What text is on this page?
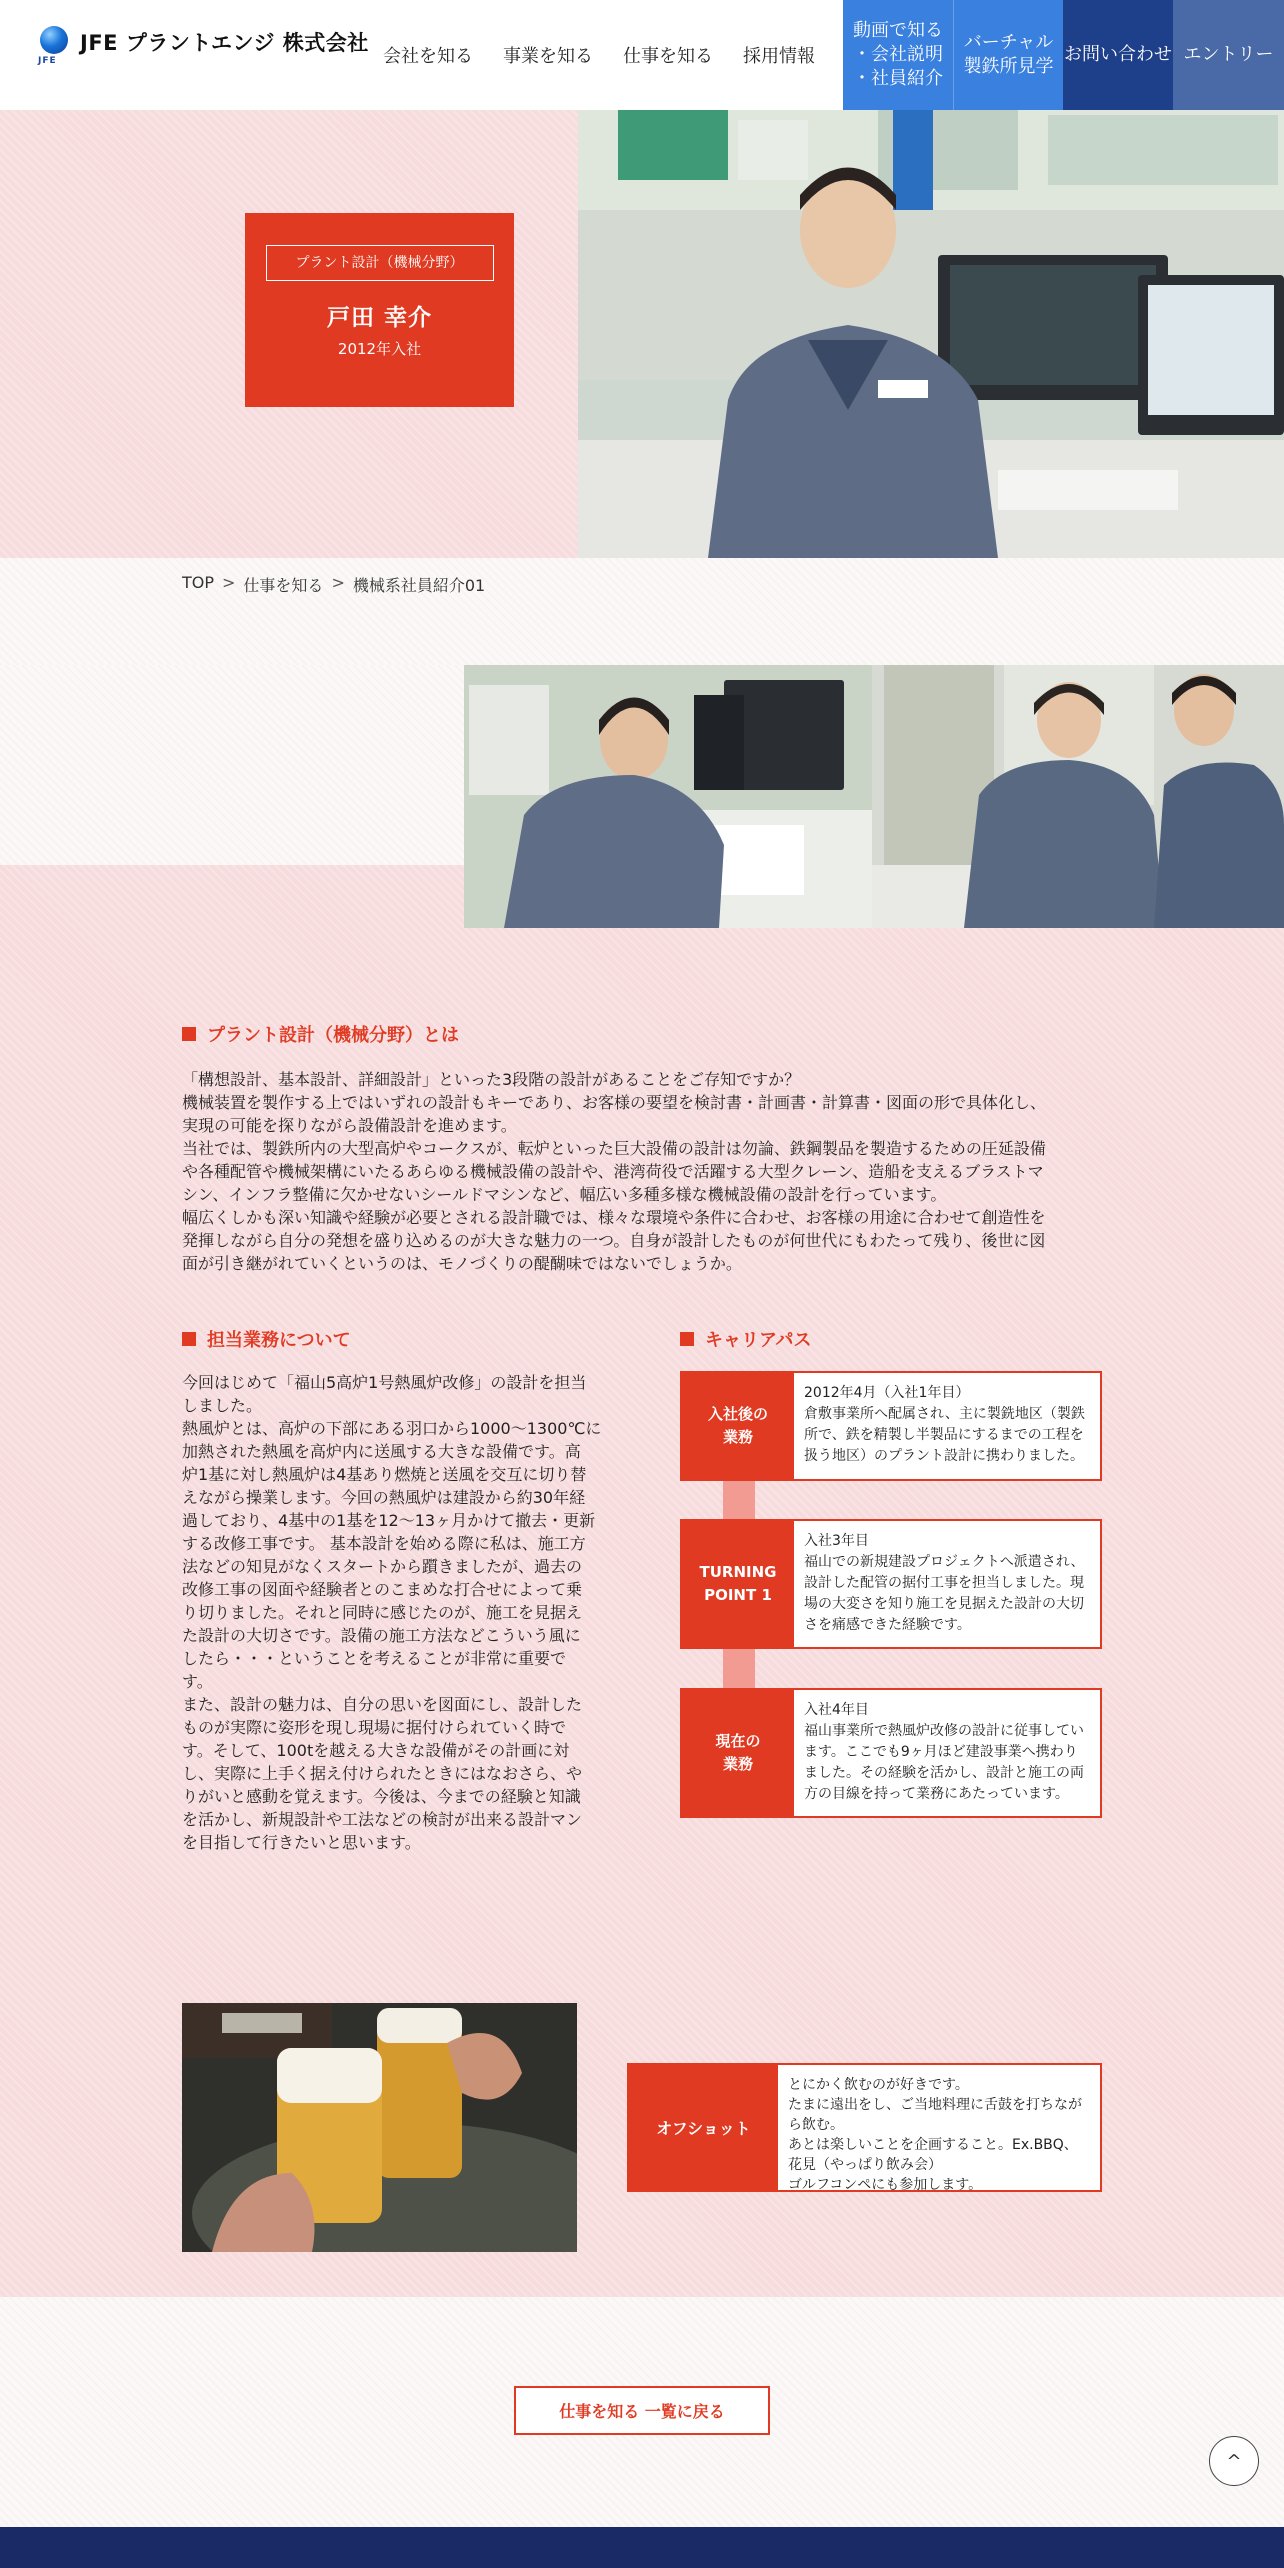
JFE
JFE プラントエンジ 株式会社
会社を知る 事業を知る 仕事を知る 採用情報
動画で知る
・会社説明
・社員紹介
バーチャル
製鉄所見学
お問い合わせ エントリー
プラント設計（機械分野）
戸田 幸介
2012年入社
TOP > 仕事を知る > 機械系社員紹介01
プラント設計（機械分野）とは
「構想設計、基本設計、詳細設計」といった3段階の設計があることをご存知ですか？
機械装置を製作する上ではいずれの設計もキーであり、お客様の要望を検討書・計画書・計算書・図面の形で具体化し、
実現の可能を探りながら設備設計を進めます。
当社では、製鉄所内の大型高炉やコークスが、転炉といった巨大設備の設計は勿論、鉄鋼製品を製造するための圧延設備
や各種配管や機械架構にいたるあらゆる機械設備の設計や、港湾荷役で活躍する大型クレーン、造船を支えるブラストマ
シン、インフラ整備に欠かせないシールドマシンなど、幅広い多種多様な機械設備の設計を行っています。
幅広くしかも深い知識や経験が必要とされる設計職では、様々な環境や条件に合わせ、お客様の用途に合わせて創造性を
発揮しながら自分の発想を盛り込めるのが大きな魅力の一つ。自身が設計したものが何世代にもわたって残り、後世に図
面が引き継がれていくというのは、モノづくりの醍醐味ではないでしょうか。
担当業務について
今回はじめて「福山5高炉1号熱風炉改修」の設計を担当
しました。
熱風炉とは、高炉の下部にある羽口から1000～1300℃に
加熱された熱風を高炉内に送風する大きな設備です。高
炉1基に対し熱風炉は4基あり燃焼と送風を交互に切り替
えながら操業します。今回の熱風炉は建設から約30年経
過しており、4基中の1基を12～13ヶ月かけて撤去・更新
する改修工事です。 基本設計を始める際に私は、施工方
法などの知見がなくスタートから躓きましたが、過去の
改修工事の図面や経験者とのこまめな打合せによって乗
り切りました。それと同時に感じたのが、施工を見据え
た設計の大切さです。設備の施工方法などこういう風に
したら・・・ということを考えることが非常に重要で
す。
また、設計の魅力は、自分の思いを図面にし、設計した
ものが実際に姿形を現し現場に据付けられていく時で
す。そして、100tを越える大きな設備がその計画に対
し、実際に上手く据え付けられたときにはなおさら、や
りがいと感動を覚えます。今後は、今までの経験と知識
を活かし、新規設計や工法などの検討が出来る設計マン
を目指して行きたいと思います。
キャリアパス
入社後の
業務
2012年4月（入社1年目）
倉敷事業所へ配属され、主に製銑地区（製鉄所で、鉄を精製し半製品にするまでの工程を扱う地区）のプラント設計に携わりました。
TURNING
POINT 1
入社3年目
福山での新規建設プロジェクトへ派遣され、設計した配管の据付工事を担当しました。現場の大変さを知り施工を見据えた設計の大切さを痛感できた経験です。
現在の
業務
入社4年目
福山事業所で熱風炉改修の設計に従事しています。ここでも9ヶ月ほど建設事業へ携わりました。その経験を活かし、設計と施工の両方の目線を持って業務にあたっています。
オフショット
とにかく飲むのが好きです。
たまに遠出をし、ご当地料理に舌鼓を打ちながら飲む。
あとは楽しいことを企画すること。Ex.BBQ、
花見（やっぱり飲み会）
ゴルフコンペにも参加します。
仕事を知る 一覧に戻る
^
